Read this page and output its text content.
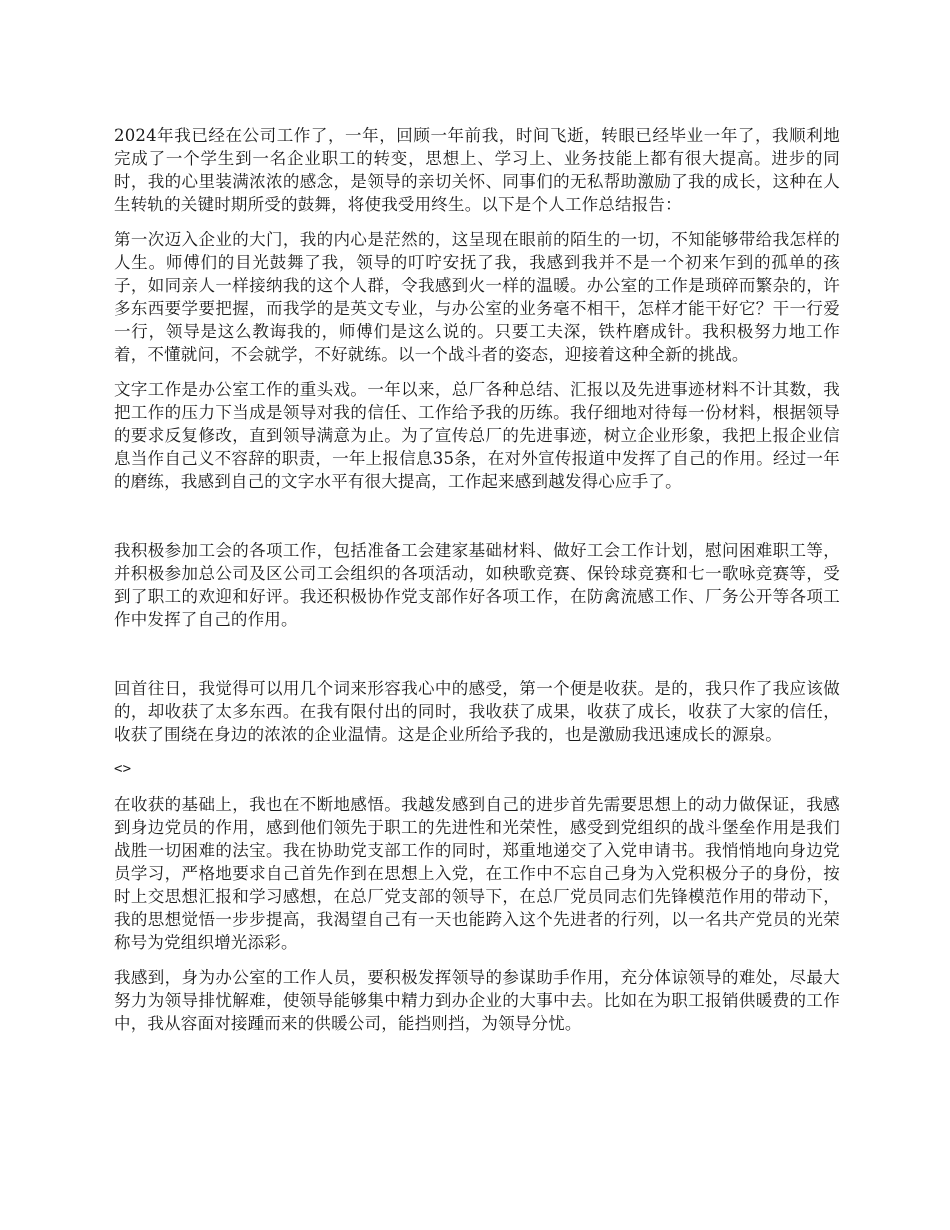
2024年我已经在公司工作了，一年，回顾一年前我，时间飞逝，转眼已经毕业一年了，我顺利地完成了一个学生到一名企业职工的转变，思想上、学习上、业务技能上都有很大提高。进步的同时，我的心里装满浓浓的感念，是领导的亲切关怀、同事们的无私帮助激励了我的成长，这种在人生转轨的关键时期所受的鼓舞，将使我受用终生。以下是个人工作总结报告：

第一次迈入企业的大门，我的内心是茫然的，这呈现在眼前的陌生的一切，不知能够带给我怎样的人生。师傅们的目光鼓舞了我，领导的叮咛安抚了我，我感到我并不是一个初来乍到的孤单的孩子，如同亲人一样接纳我的这个人群，令我感到火一样的温暖。办公室的工作是琐碎而繁杂的，许多东西要学要把握，而我学的是英文专业，与办公室的业务毫不相干，怎样才能干好它？干一行爱一行，领导是这么教诲我的，师傅们是这么说的。只要工夫深，铁杵磨成针。我积极努力地工作着，不懂就问，不会就学，不好就练。以一个战斗者的姿态，迎接着这种全新的挑战。

文字工作是办公室工作的重头戏。一年以来，总厂各种总结、汇报以及先进事迹材料不计其数，我把工作的压力下当成是领导对我的信任、工作给予我的历练。我仔细地对待每一份材料，根据领导的要求反复修改，直到领导满意为止。为了宣传总厂的先进事迹，树立企业形象，我把上报企业信息当作自己义不容辞的职责，一年上报信息35条，在对外宣传报道中发挥了自己的作用。经过一年的磨练，我感到自己的文字水平有很大提高，工作起来感到越发得心应手了。

我积极参加工会的各项工作，包括准备工会建家基础材料、做好工会工作计划，慰问困难职工等，并积极参加总公司及区公司工会组织的各项活动，如秧歌竞赛、保铃球竞赛和七一歌咏竞赛等，受到了职工的欢迎和好评。我还积极协作党支部作好各项工作，在防禽流感工作、厂务公开等各项工作中发挥了自己的作用。

回首往日，我觉得可以用几个词来形容我心中的感受，第一个便是收获。是的，我只作了我应该做的，却收获了太多东西。在我有限付出的同时，我收获了成果，收获了成长，收获了大家的信任，收获了围绕在身边的浓浓的企业温情。这是企业所给予我的，也是激励我迅速成长的源泉。

<>

在收获的基础上，我也在不断地感悟。我越发感到自己的进步首先需要思想上的动力做保证，我感到身边党员的作用，感到他们领先于职工的先进性和光荣性，感受到党组织的战斗堡垒作用是我们战胜一切困难的法宝。我在协助党支部工作的同时，郑重地递交了入党申请书。我悄悄地向身边党员学习，严格地要求自己首先作到在思想上入党，在工作中不忘自己身为入党积极分子的身份，按时上交思想汇报和学习感想，在总厂党支部的领导下，在总厂党员同志们先锋模范作用的带动下，我的思想觉悟一步步提高，我渴望自己有一天也能跨入这个先进者的行列，以一名共产党员的光荣称号为党组织增光添彩。

我感到，身为办公室的工作人员，要积极发挥领导的参谋助手作用，充分体谅领导的难处，尽最大努力为领导排忧解难，使领导能够集中精力到办企业的大事中去。比如在为职工报销供暖费的工作中，我从容面对接踵而来的供暖公司，能挡则挡，为领导分忧。
